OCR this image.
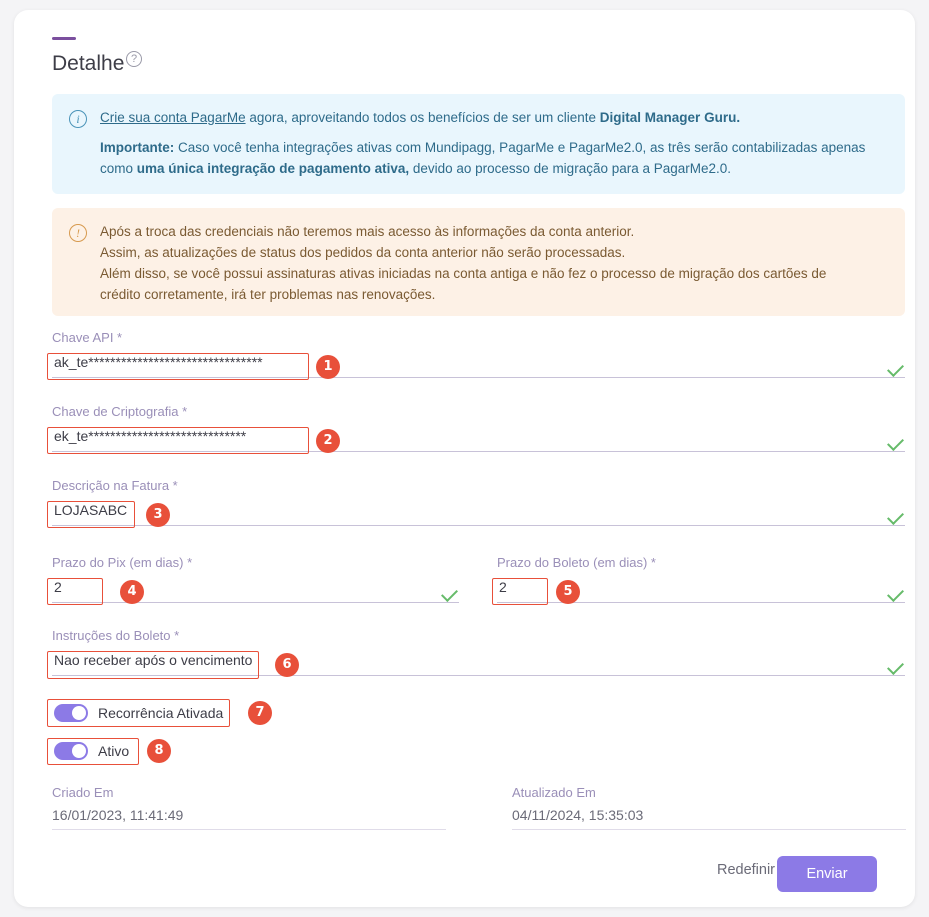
Detalhe ?
i	Crie sua conta PagarMe agora, aproveitando todos os benefícios de ser um cliente Digital Manager Guru.
Importante: Caso você tenha integrações ativas com Mundipagg, PagarMe e PagarMe2.0, as três serão contabilizadas apenas como uma única integração de pagamento ativa, devido ao processo de migração para a PagarMe2.0.
!	Após a troca das credenciais não teremos mais acesso às informações da conta anterior.
Assim, as atualizações de status dos pedidos da conta anterior não serão processadas.
Além disso, se você possui assinaturas ativas iniciadas na conta antiga e não fez o processo de migração dos cartões de
crédito corretamente, irá ter problemas nas renovações.
Chave API *
ak_te********************************
1
Chave de Criptografia *
ek_te*****************************
2
Descrição na Fatura *
LOJASABC
3
Prazo do Pix (em dias) *
2
4
Prazo do Boleto (em dias) *
2
5
Instruções do Boleto *
Nao receber após o vencimento
6
Recorrência Ativada	7
Ativo	8
Criado Em
16/01/2023, 11:41:49
Atualizado Em
04/11/2024, 15:35:03
Redefinir	Enviar
